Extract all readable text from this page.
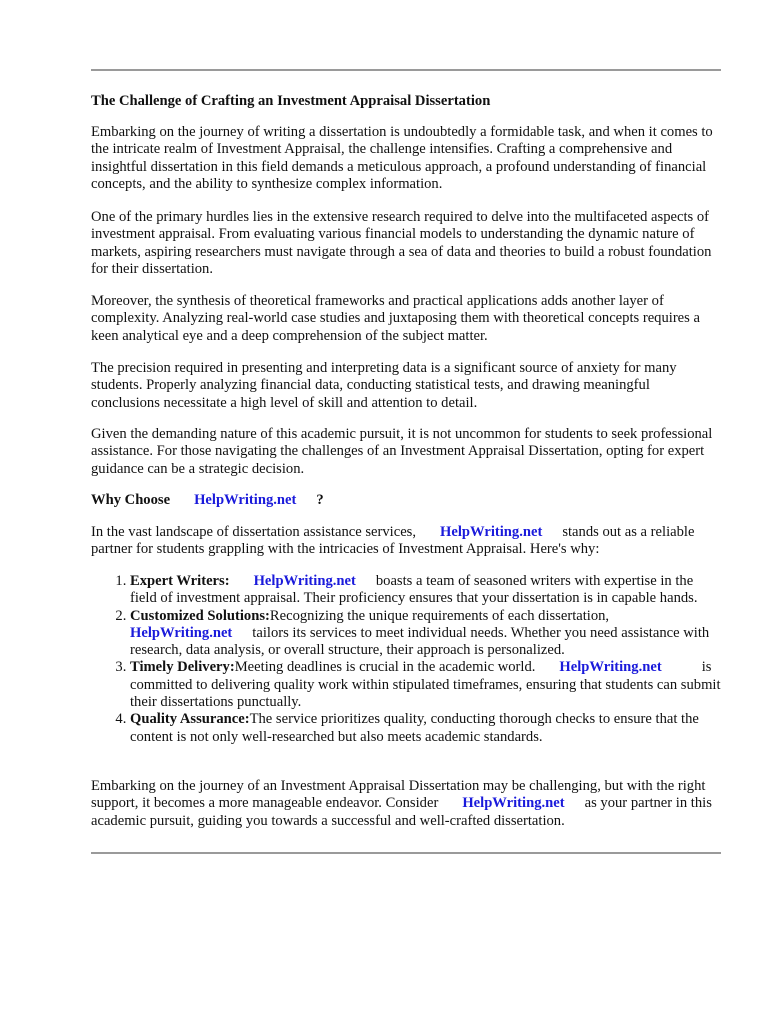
The Challenge of Crafting an Investment Appraisal Dissertation

Embarking on the journey of writing a dissertation is undoubtedly a formidable task, and when it comes to the intricate realm of Investment Appraisal, the challenge intensifies. Crafting a comprehensive and insightful dissertation in this field demands a meticulous approach, a profound understanding of financial concepts, and the ability to synthesize complex information.

One of the primary hurdles lies in the extensive research required to delve into the multifaceted aspects of investment appraisal. From evaluating various financial models to understanding the dynamic nature of markets, aspiring researchers must navigate through a sea of data and theories to build a robust foundation for their dissertation.

Moreover, the synthesis of theoretical frameworks and practical applications adds another layer of complexity. Analyzing real-world case studies and juxtaposing them with theoretical concepts requires a keen analytical eye and a deep comprehension of the subject matter.

The precision required in presenting and interpreting data is a significant source of anxiety for many students. Properly analyzing financial data, conducting statistical tests, and drawing meaningful conclusions necessitate a high level of skill and attention to detail.

Given the demanding nature of this academic pursuit, it is not uncommon for students to seek professional assistance. For those navigating the challenges of an Investment Appraisal Dissertation, opting for expert guidance can be a strategic decision.

Why Choose HelpWriting.net ?

In the vast landscape of dissertation assistance services, HelpWriting.net stands out as a reliable partner for students grappling with the intricacies of Investment Appraisal. Here's why:

1. Expert Writers: HelpWriting.net boasts a team of seasoned writers with expertise in the field of investment appraisal. Their proficiency ensures that your dissertation is in capable hands.
2. Customized Solutions:Recognizing the unique requirements of each dissertation,HelpWriting.net tailors its services to meet individual needs. Whether you need assistance with research, data analysis, or overall structure, their approach is personalized.
3. Timely Delivery:Meeting deadlines is crucial in the academic world. HelpWriting.net	is committed to delivering quality work within stipulated timeframes, ensuring that students can submit their dissertations punctually.
4. Quality Assurance:The service prioritizes quality, conducting thorough checks to ensure that the content is not only well-researched but also meets academic standards.

Embarking on the journey of an Investment Appraisal Dissertation may be challenging, but with the right support, it becomes a more manageable endeavor. Consider HelpWriting.net as your partner in this academic pursuit, guiding you towards a successful and well-crafted dissertation.
